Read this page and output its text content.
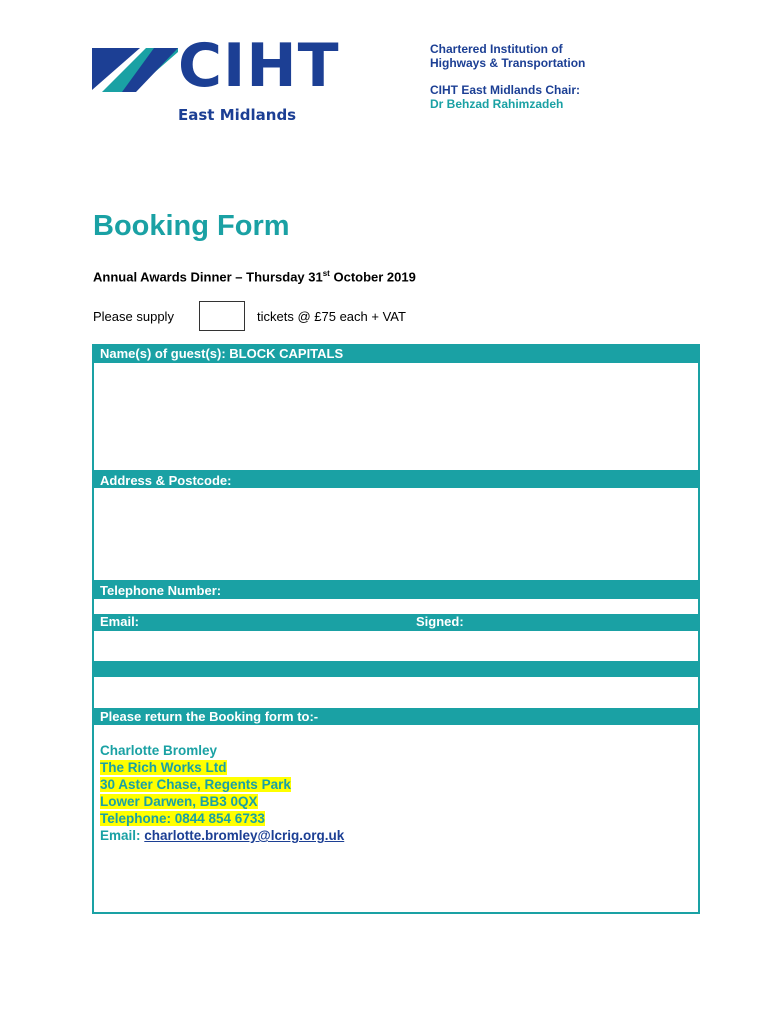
CIHT
East Midlands
Chartered Institution of
Highways & Transportation
CIHT East Midlands Chair:
Dr Behzad Rahimzadeh
Booking Form
Annual Awards Dinner – Thursday 31st October 2019
Please supply	tickets @ £75 each + VAT
Name(s) of guest(s): BLOCK CAPITALS
Address & Postcode:
Telephone Number:
Email:	Signed:
Please return the Booking form to:-
Charlotte Bromley
The Rich Works Ltd
30 Aster Chase, Regents Park
Lower Darwen, BB3 0QX
Telephone: 0844 854 6733
Email: charlotte.bromley@lcrig.org.uk
